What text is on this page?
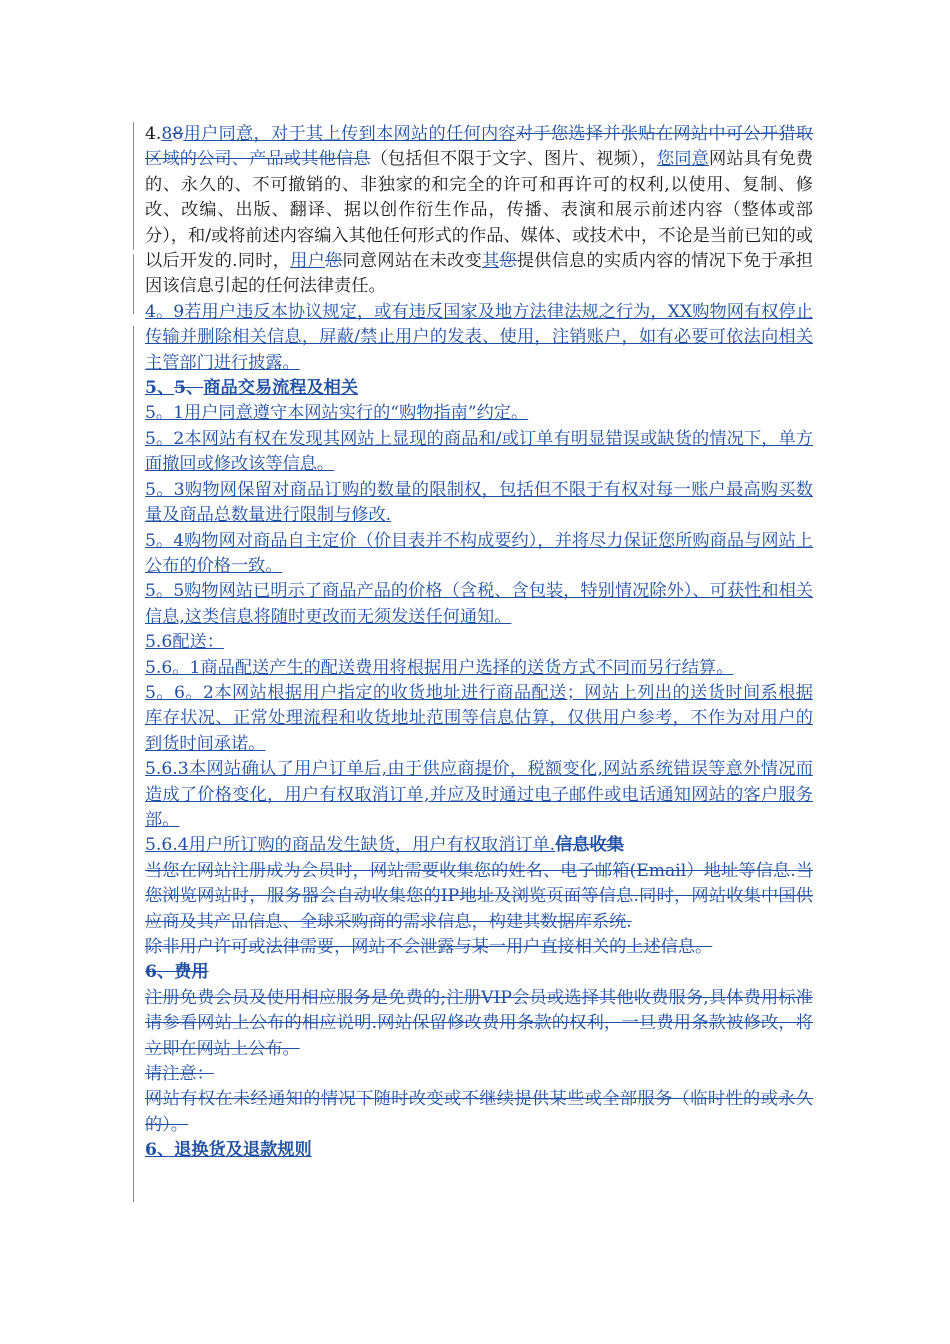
4.88用户同意，对于其上传到本网站的任何内容对于您选择并张贴在网站中可公开猎取区域的公司、产品或其他信息（包括但不限于文字、图片、视频），您同意网站具有免费的、永久的、不可撤销的、非独家的和完全的许可和再许可的权利,以使用、复制、修改、改编、出版、翻译、据以创作衍生作品，传播、表演和展示前述内容（整体或部分），和/或将前述内容编入其他任何形式的作品、媒体、或技术中，不论是当前已知的或以后开发的.同时，用户您同意网站在未改变其您提供信息的实质内容的情况下免于承担因该信息引起的任何法律责任。

4。9若用户违反本协议规定，或有违反国家及地方法律法规之行为，XX购物网有权停止传输并删除相关信息，屏蔽/禁止用户的发表、使用，注销账户，如有必要可依法向相关主管部门进行披露。

5、5、商品交易流程及相关

5。1用户同意遵守本网站实行的“购物指南”约定。

5。2本网站有权在发现其网站上显现的商品和/或订单有明显错误或缺货的情况下，单方面撤回或修改该等信息。

5。3购物网保留对商品订购的数量的限制权，包括但不限于有权对每一账户最高购买数量及商品总数量进行限制与修改.

5。4购物网对商品自主定价（价目表并不构成要约），并将尽力保证您所购商品与网站上公布的价格一致。

5。5购物网站已明示了商品产品的价格（含税、含包装，特别情况除外）、可获性和相关信息,这类信息将随时更改而无须发送任何通知。

5.6配送：

5.6。1商品配送产生的配送费用将根据用户选择的送货方式不同而另行结算。

5。6。2本网站根据用户指定的收货地址进行商品配送；网站上列出的送货时间系根据库存状况、正常处理流程和收货地址范围等信息估算，仅供用户参考，不作为对用户的到货时间承诺。

5.6.3本网站确认了用户订单后,由于供应商提价，税额变化,网站系统错误等意外情况而造成了价格变化，用户有权取消订单,并应及时通过电子邮件或电话通知网站的客户服务部。

5.6.4用户所订购的商品发生缺货，用户有权取消订单.信息收集

当您在网站注册成为会员时，网站需要收集您的姓名、电子邮箱(Email）地址等信息.当您浏览网站时，服务器会自动收集您的IP地址及浏览页面等信息.同时，网站收集中国供应商及其产品信息、全球采购商的需求信息，构建其数据库系统.

除非用户许可或法律需要，网站不会泄露与某一用户直接相关的上述信息。

6、费用

注册免费会员及使用相应服务是免费的;注册VIP会员或选择其他收费服务,具体费用标准请参看网站上公布的相应说明.网站保留修改费用条款的权利，一旦费用条款被修改，将立即在网站上公布。

请注意：

网站有权在未经通知的情况下随时改变或不继续提供某些或全部服务（临时性的或永久的）。

6、退换货及退款规则
